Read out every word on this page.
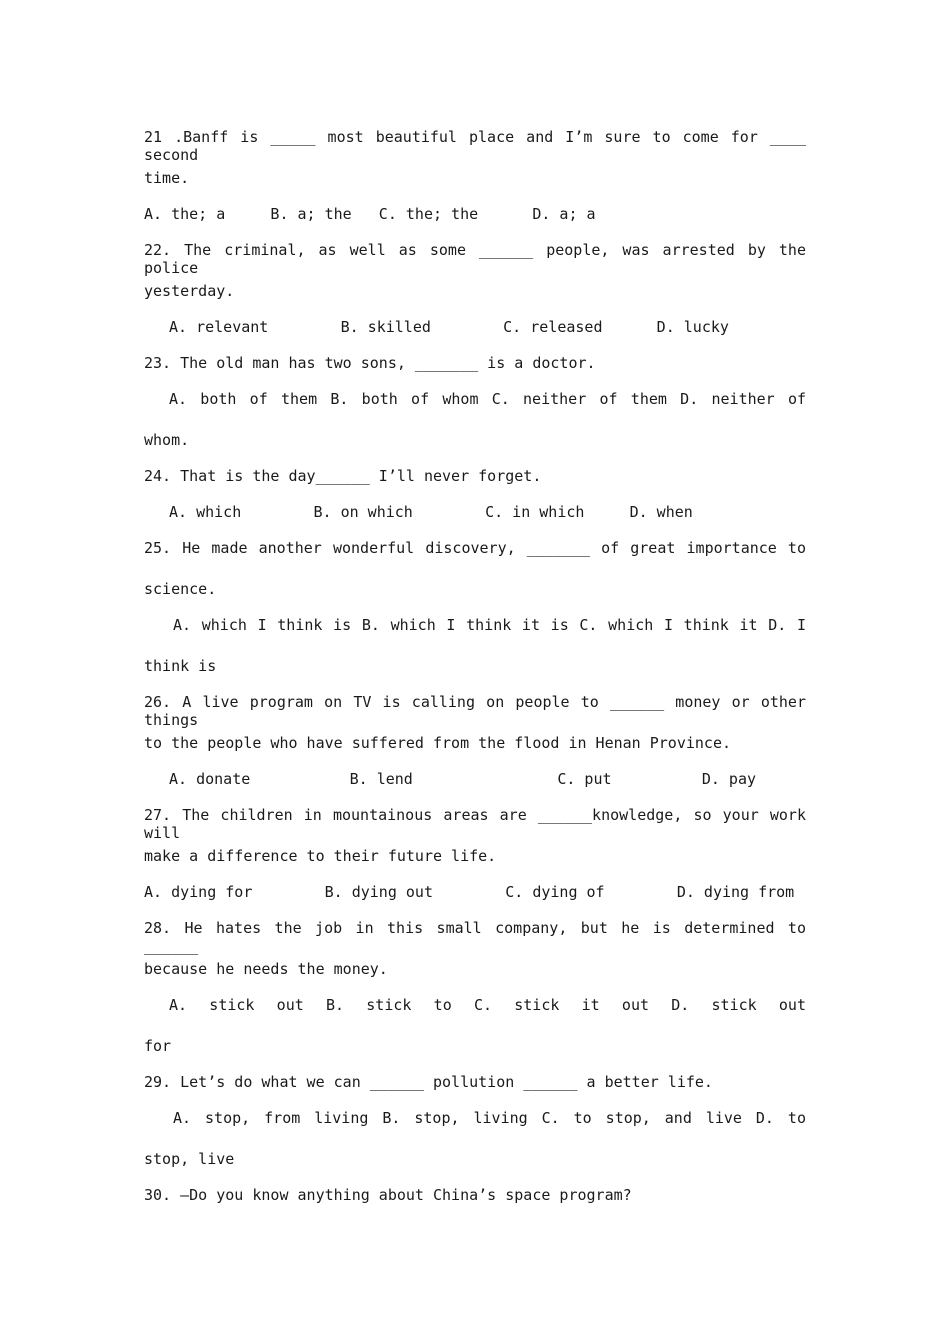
21 .Banff is _____ most beautiful place and I’m sure to come for ____ second
time.
A. the; a     B. a; the   C. the; the      D. a; a
22. The criminal, as well as some ______ people, was arrested by the police
yesterday.
A. relevant        B. skilled        C. released      D. lucky
23. The old man has two sons, _______ is a doctor.
A. both of them B. both of whom C. neither of them D. neither of
whom.
24. That is the day______ I’ll never forget.
A. which        B. on which        C. in which     D. when
25. He made another wonderful discovery, _______ of great importance to
science.
A. which I think is B. which I think it is C. which I think it D. I
think is
26. A live program on TV is calling on people to ______ money or other things
to the people who have suffered from the flood in Henan Province.
A. donate           B. lend                C. put          D. pay
27. The children in mountainous areas are ______knowledge, so your work will
make a difference to their future life.
A. dying for        B. dying out        C. dying of        D. dying from
28. He hates the job in this small company, but he is determined to ______
because he needs the money.
A. stick out B. stick to C. stick it out D. stick out
for
29. Let’s do what we can ______ pollution ______ a better life.
A. stop, from living B. stop, living C. to stop, and live D. to
stop, live
30. —Do you know anything about China’s space program?
